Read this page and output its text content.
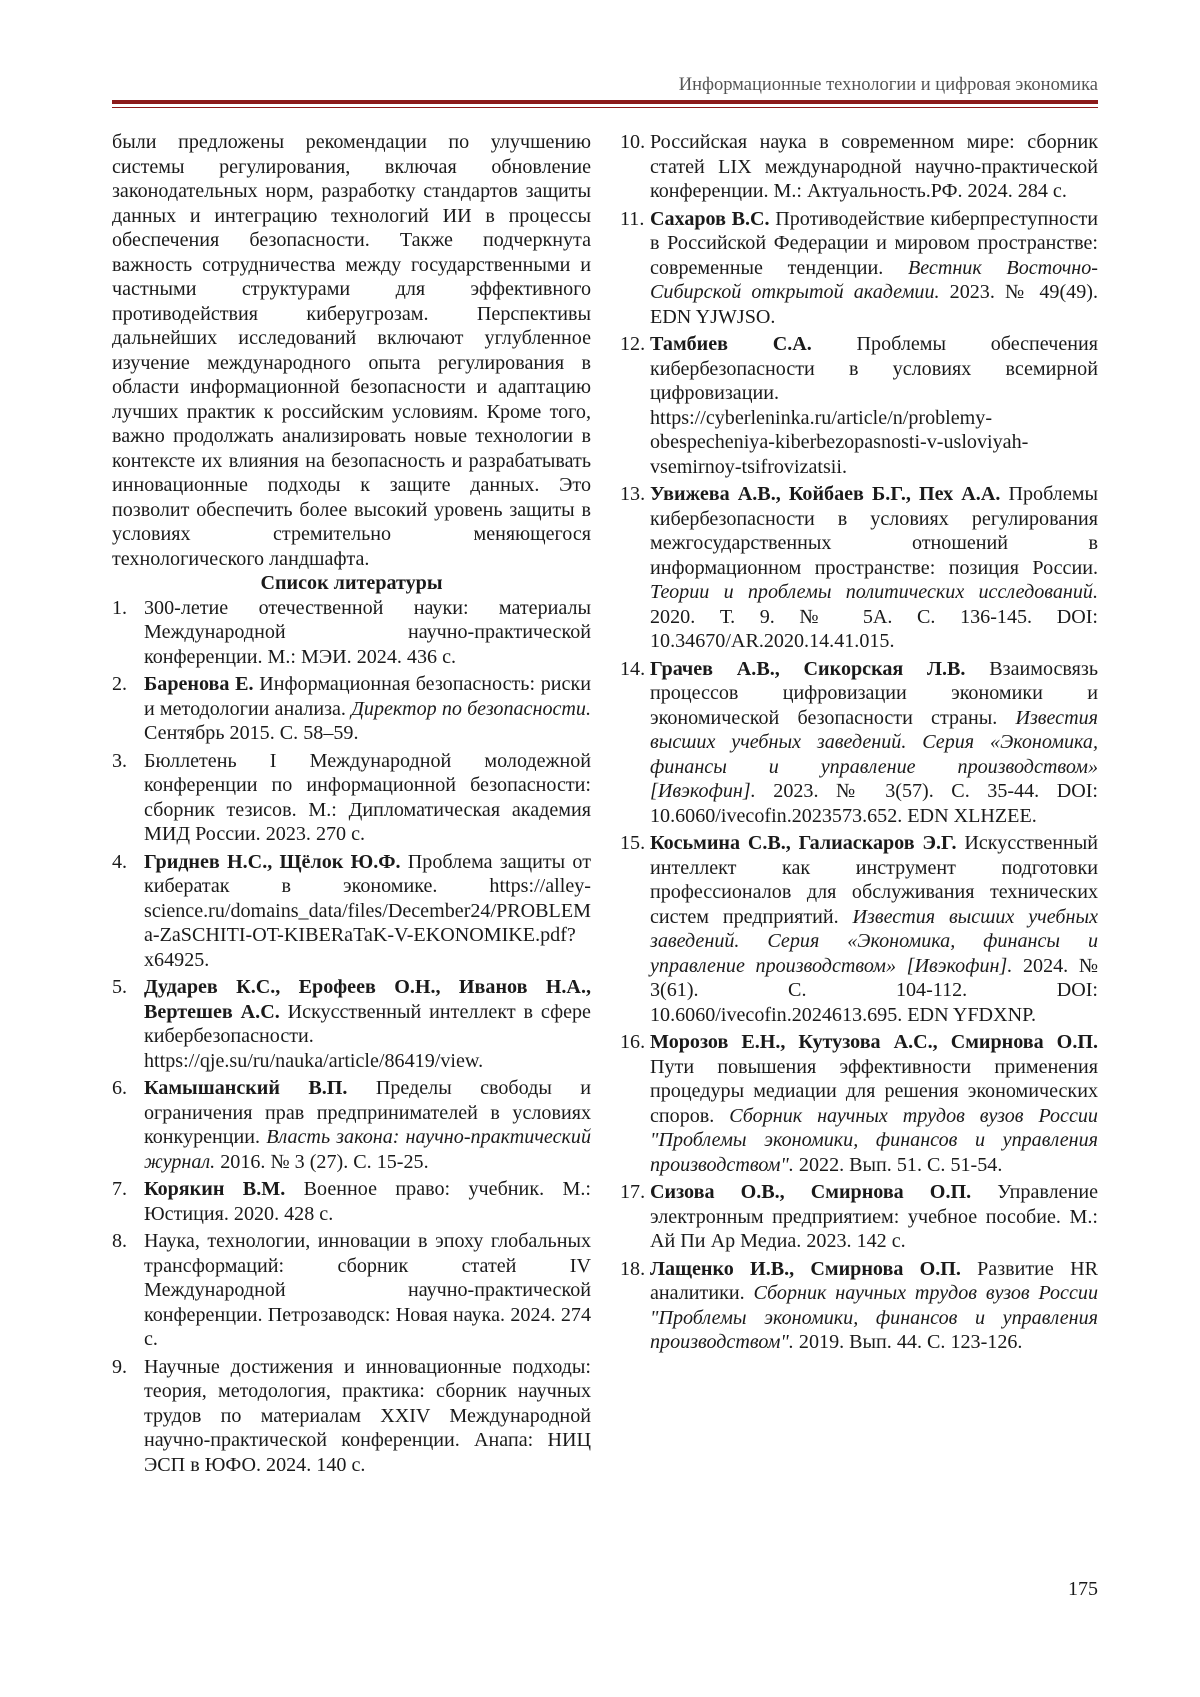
Информационные технологии и цифровая экономика

были предложены рекомендации по улучшению системы регулирования, включая обновление законодательных норм, разработку стандартов защиты данных и интеграцию технологий ИИ в процессы обеспечения безопасности. Также подчеркнута важность сотрудничества между государственными и частными структурами для эффективного противодействия киберугрозам. Перспективы дальнейших исследований включают углубленное изучение международного опыта регулирования в области информационной безопасности и адаптацию лучших практик к российским условиям. Кроме того, важно продолжать анализировать новые технологии в контексте их влияния на безопасность и разрабатывать инновационные подходы к защите данных. Это позволит обеспечить более высокий уровень защиты в условиях стремительно меняющегося технологического ландшафта.

Список литературы

1. 300-летие отечественной науки: материалы Международной научно-практической конференции. М.: МЭИ. 2024. 436 с.
2. Баренова Е. Информационная безопасность: риски и методологии анализа. Директор по безопасности. Сентябрь 2015. С. 58–59.
3. Бюллетень I Международной молодежной конференции по информационной безопасности: сборник тезисов. М.: Дипломатическая академия МИД России. 2023. 270 с.
4. Гриднев Н.С., Щёлок Ю.Ф. Проблема защиты от кибератак в экономике. https://alley-science.ru/domains_data/files/December24/PROBLEMa-ZaSCHITI-OT-KIBERaTaK-V-EKONOMIKE.pdf?x64925.
5. Дударев К.С., Ерофеев О.Н., Иванов Н.А., Вертешев А.С. Искусственный интеллект в сфере кибербезопасности. https://qje.su/ru/nauka/article/86419/view.
6. Камышанский В.П. Пределы свободы и ограничения прав предпринимателей в условиях конкуренции. Власть закона: научно-практический журнал. 2016. № 3 (27). С. 15-25.
7. Корякин В.М. Военное право: учебник. М.: Юстиция. 2020. 428 с.
8. Наука, технологии, инновации в эпоху глобальных трансформаций: сборник статей IV Международной научно-практической конференции. Петрозаводск: Новая наука. 2024. 274 с.
9. Научные достижения и инновационные подходы: теория, методология, практика: сборник научных трудов по материалам XXIV Международной научно-практической конференции. Анапа: НИЦ ЭСП в ЮФО. 2024. 140 с.
10. Российская наука в современном мире: сборник статей LIX международной научно-практической конференции. М.: Актуальность.РФ. 2024. 284 с.
11. Сахаров В.С. Противодействие киберпреступности в Российской Федерации и мировом пространстве: современные тенденции. Вестник Восточно-Сибирской открытой академии. 2023. № 49(49). EDN YJWJSO.
12. Тамбиев С.А. Проблемы обеспечения кибербезопасности в условиях всемирной цифровизации. https://cyberleninka.ru/article/n/problemy-obespecheniya-kiberbezopasnosti-v-usloviyah-vsemirnoy-tsifrovizatsii.
13. Увижева А.В., Койбаев Б.Г., Пех А.А. Проблемы кибербезопасности в условиях регулирования межгосударственных отношений в информационном пространстве: позиция России. Теории и проблемы политических исследований. 2020. Т. 9. № 5А. С. 136-145. DOI: 10.34670/AR.2020.14.41.015.
14. Грачев А.В., Сикорская Л.В. Взаимосвязь процессов цифровизации экономики и экономической безопасности страны. Известия высших учебных заведений. Серия «Экономика, финансы и управление производством» [Ивэкофин]. 2023. № 3(57). С. 35-44. DOI: 10.6060/ivecofin.2023573.652. EDN XLHZEE.
15. Косьмина С.В., Галиаскаров Э.Г. Искусственный интеллект как инструмент подготовки профессионалов для обслуживания технических систем предприятий. Известия высших учебных заведений. Серия «Экономика, финансы и управление производством» [Ивэкофин]. 2024. № 3(61). С. 104-112. DOI: 10.6060/ivecofin.2024613.695. EDN YFDXNP.
16. Морозов Е.Н., Кутузова А.С., Смирнова О.П. Пути повышения эффективности применения процедуры медиации для решения экономических споров. Сборник научных трудов вузов России "Проблемы экономики, финансов и управления производством". 2022. Вып. 51. С. 51-54.
17. Сизова О.В., Смирнова О.П. Управление электронным предприятием: учебное пособие. М.: Ай Пи Ар Медиа. 2023. 142 с.
18. Лащенко И.В., Смирнова О.П. Развитие HR аналитики. Сборник научных трудов вузов России "Проблемы экономики, финансов и управления производством". 2019. Вып. 44. С. 123-126.
175
